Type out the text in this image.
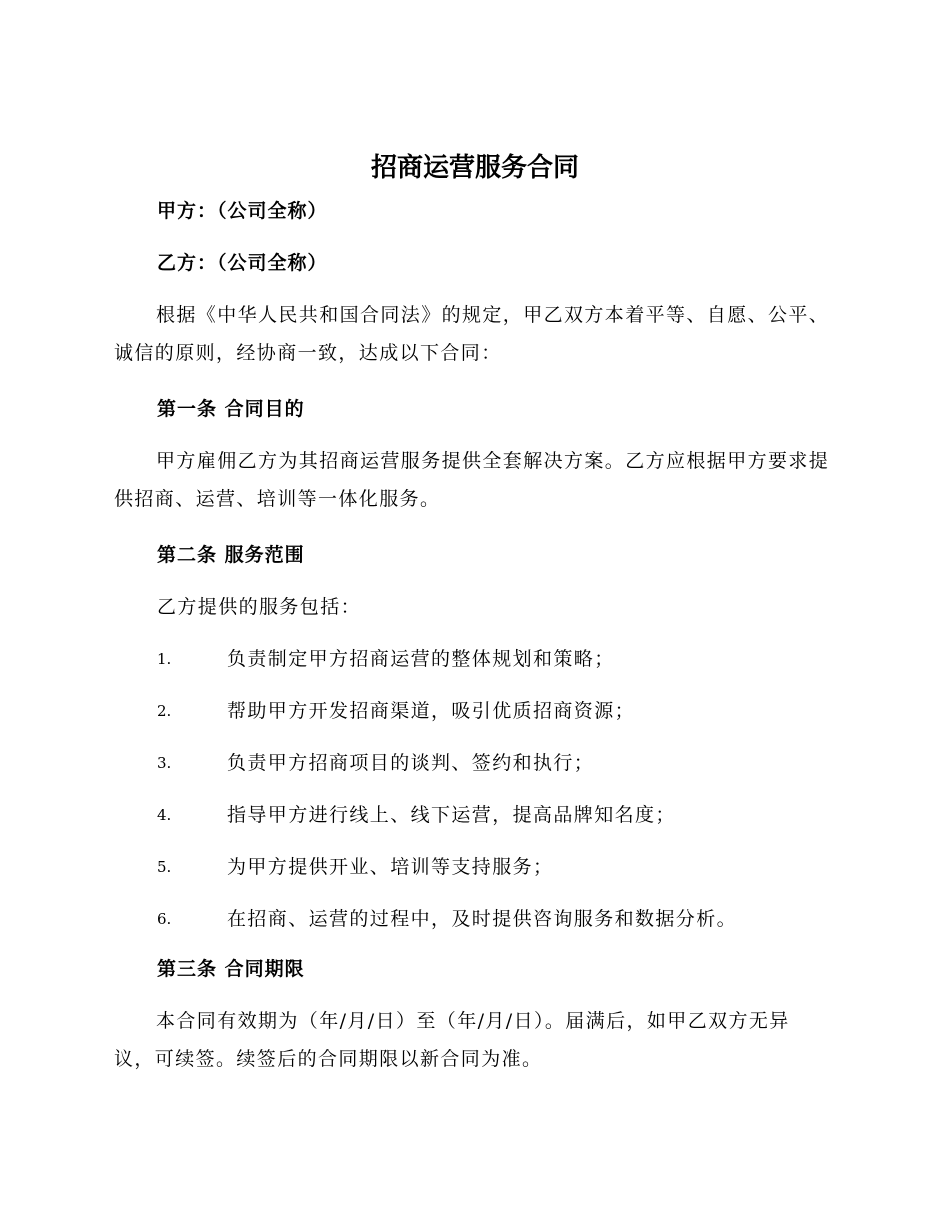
招商运营服务合同
甲方：（公司全称）
乙方：（公司全称）
根据《中华人民共和国合同法》的规定，甲乙双方本着平等、自愿、公平、诚信的原则，经协商一致，达成以下合同：
第一条 合同目的
甲方雇佣乙方为其招商运营服务提供全套解决方案。乙方应根据甲方要求提供招商、运营、培训等一体化服务。
第二条 服务范围
乙方提供的服务包括：
1.	负责制定甲方招商运营的整体规划和策略；
2.	帮助甲方开发招商渠道，吸引优质招商资源；
3.	负责甲方招商项目的谈判、签约和执行；
4.	指导甲方进行线上、线下运营，提高品牌知名度；
5.	为甲方提供开业、培训等支持服务；
6.	在招商、运营的过程中，及时提供咨询服务和数据分析。
第三条 合同期限
本合同有效期为（年/月/日）至（年/月/日）。届满后，如甲乙双方无异议，可续签。续签后的合同期限以新合同为准。
